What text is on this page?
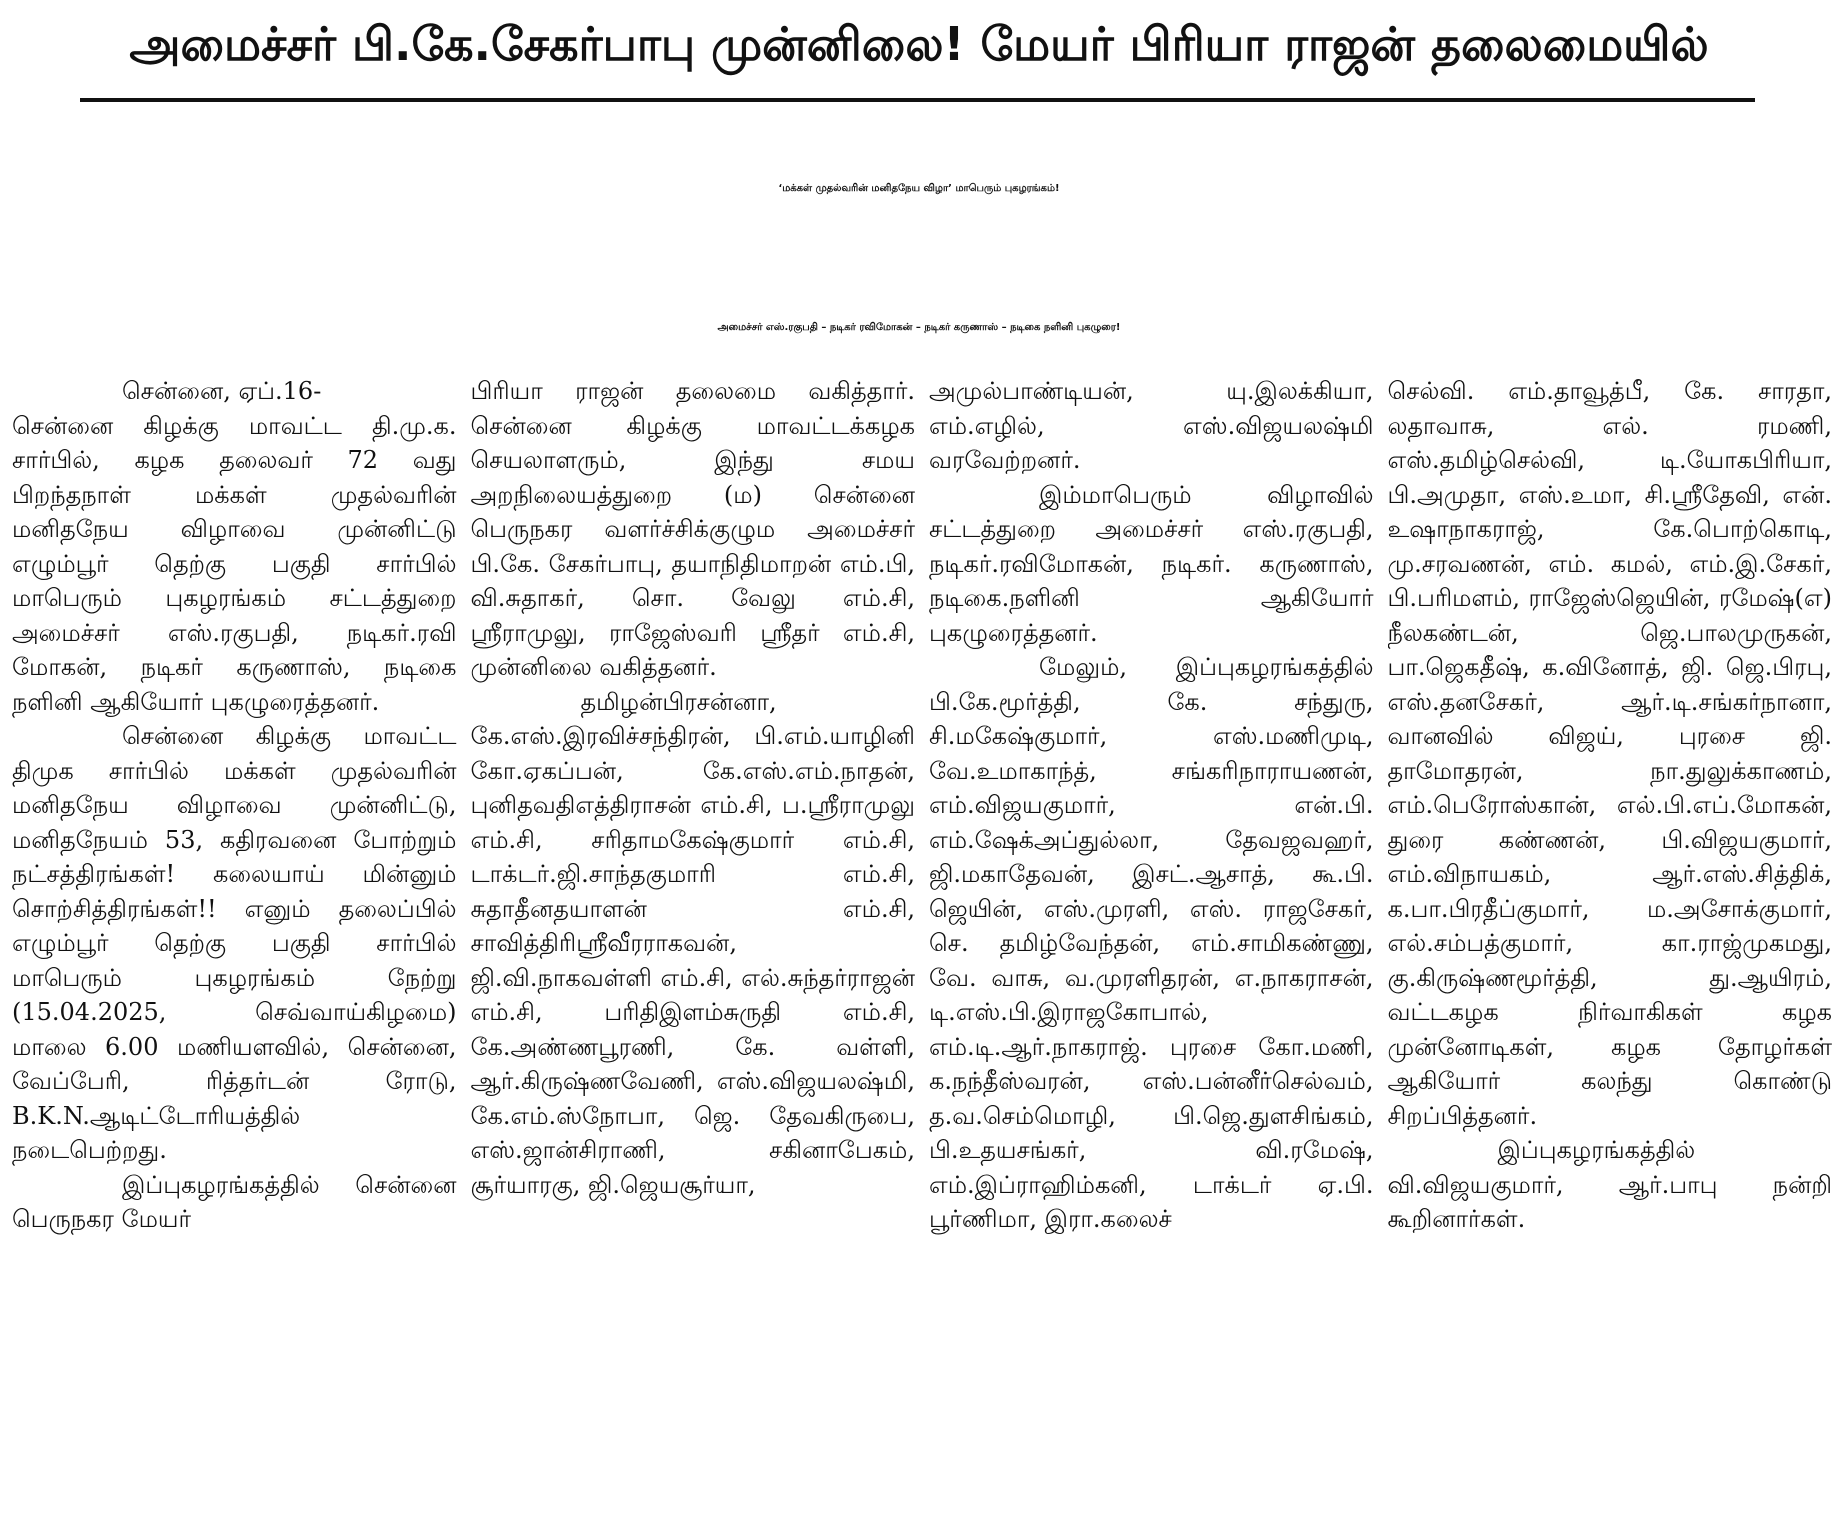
அமைச்சர் பி.கே.சேகர்பாபு முன்னிலை! மேயர் பிரியா ராஜன் தலைமையில்
‘மக்கள் முதல்வரின் மனிதநேய விழா’ மாபெரும் புகழரங்கம்!
அமைச்சர் எஸ்.ரகுபதி – நடிகர் ரவிமோகன் – நடிகர் கருணாஸ் – நடிகை நளினி புகழுரை!

சென்னை, ஏப்.16-

சென்னை கிழக்கு மாவட்ட தி.மு.க. சார்பில், கழக தலைவர் 72 வது பிறந்தநாள் மக்கள் முதல்வரின் மனிதநேய விழாவை முன்னிட்டு எழும்பூர் தெற்கு பகுதி சார்பில் மாபெரும் புகழரங்கம் சட்டத்துறை அமைச்சர் எஸ்.ரகுபதி, நடிகர்.ரவி மோகன், நடிகர் கருணாஸ், நடிகை நளினி ஆகியோர் புகழுரைத்தனர்.

சென்னை கிழக்கு மாவட்ட திமுக சார்பில் மக்கள் முதல்வரின் மனிதநேய விழாவை முன்னிட்டு, மனிதநேயம் 53, கதிரவனை போற்றும் நட்சத்திரங்கள்! கலையாய் மின்னும் சொற்சித்திரங்கள்!! எனும் தலைப்பில் எழும்பூர் தெற்கு பகுதி சார்பில் மாபெரும் புகழரங்கம் நேற்று (15.04.2025, செவ்வாய்கிழமை) மாலை 6.00 மணியளவில், சென்னை, வேப்பேரி, ரித்தர்டன் ரோடு, B.K.N.ஆடிட்டோரியத்தில் நடைபெற்றது.

இப்புகழரங்கத்தில் சென்னை பெருநகர மேயர்

பிரியா ராஜன் தலைமை வகித்தார். சென்னை கிழக்கு மாவட்டக்கழக செயலாளரும், இந்து சமய அறநிலையத்துறை (ம) சென்னை பெருநகர வளர்ச்சிக்குழும அமைச்சர் பி.கே. சேகர்பாபு, தயாநிதிமாறன் எம்.பி, வி.சுதாகர், சொ. வேலு எம்.சி, ஸ்ரீராமுலு, ராஜேஸ்வரி ஸ்ரீதர் எம்.சி, முன்னிலை வகித்தனர்.

தமிழன்பிரசன்னா, கே.எஸ்.இரவிச்சந்திரன், பி.எம்.யாழினி கோ.ஏகப்பன், கே.எஸ்.எம்.நாதன், புனிதவதிஎத்திராசன் எம்.சி, ப.ஸ்ரீராமுலு எம்.சி, சரிதாமகேஷ்குமார் எம்.சி, டாக்டர்.ஜி.சாந்தகுமாரி எம்.சி, சுதாதீனதயாளன் எம்.சி, சாவித்திரிஸ்ரீவீரராகவன், ஜி.வி.நாகவள்ளி எம்.சி, எல்.சுந்தர்ராஜன் எம்.சி, பரிதிஇளம்சுருதி எம்.சி, கே.அண்ணபூரணி, கே. வள்ளி, ஆர்.கிருஷ்ணவேணி, எஸ்.விஜயலஷ்மி, கே.எம்.ஸ்நோபா, ஜெ. தேவகிருபை, எஸ்.ஜான்சிராணி, சகினாபேகம், சூர்யாரகு, ஜி.ஜெயசூர்யா,

அமுல்பாண்டியன், யு.இலக்கியா, எம்.எழில், எஸ்.விஜயலஷ்மி வரவேற்றனர்.

இம்மாபெரும் விழாவில் சட்டத்துறை அமைச்சர் எஸ்.ரகுபதி, நடிகர்.ரவிமோகன், நடிகர். கருணாஸ், நடிகை.நளினி ஆகியோர் புகழுரைத்தனர்.

மேலும், இப்புகழரங்கத்தில் பி.கே.மூர்த்தி, கே. சந்துரு, சி.மகேஷ்குமார், எஸ்.மணிமுடி, வே.உமாகாந்த், சங்கரிநாராயணன், எம்.விஜயகுமார், என்.பி. எம்.ஷேக்அப்துல்லா, தேவஜவஹர், ஜி.மகாதேவன், இசட்.ஆசாத், கூ.பி. ஜெயின், எஸ்.முரளி, எஸ். ராஜசேகர், செ. தமிழ்வேந்தன், எம்.சாமிகண்ணு, வே. வாசு, வ.முரளிதரன், எ.நாகராசன், டி.எஸ்.பி.இராஜகோபால், எம்.டி.ஆர்.நாகராஜ். புரசை கோ.மணி, க.நந்தீஸ்வரன், எஸ்.பன்னீர்செல்வம், த.வ.செம்மொழி, பி.ஜெ.துளசிங்கம், பி.உதயசங்கர், வி.ரமேஷ், எம்.இப்ராஹிம்கனி, டாக்டர் ஏ.பி. பூர்ணிமா, இரா.கலைச்

செல்வி. எம்.தாவூத்பீ, கே. சாரதா, லதாவாசு, எல். ரமணி, எஸ்.தமிழ்செல்வி, டி.யோகபிரியா, பி.அமுதா, எஸ்.உமா, சி.ஸ்ரீதேவி, என். உஷாநாகராஜ், கே.பொற்கொடி, மு.சரவணன், எம். கமல், எம்.இ.சேகர், பி.பரிமளம், ராஜேஸ்ஜெயின், ரமேஷ்(எ) நீலகண்டன், ஜெ.பாலமுருகன், பா.ஜெகதீஷ், க.வினோத், ஜி. ஜெ.பிரபு, எஸ்.தனசேகர், ஆர்.டி.சங்கர்நானா, வானவில் விஜய், புரசை ஜி. தாமோதரன், நா.துலுக்காணம், எம்.பெரோஸ்கான், எல்.பி.எப்.மோகன், துரை கண்ணன், பி.விஜயகுமார், எம்.விநாயகம், ஆர்.எஸ்.சித்திக், க.பா.பிரதீப்குமார், ம.அசோக்குமார், எல்.சம்பத்குமார், கா.ராஜ்முகமது, கு.கிருஷ்ணமூர்த்தி, து.ஆயிரம், வட்டகழக நிர்வாகிகள் கழக முன்னோடிகள், கழக தோழர்கள் ஆகியோர் கலந்து கொண்டு சிறப்பித்தனர்.

இப்புகழரங்கத்தில் வி.விஜயகுமார், ஆர்.பாபு நன்றி கூறினார்கள்.
